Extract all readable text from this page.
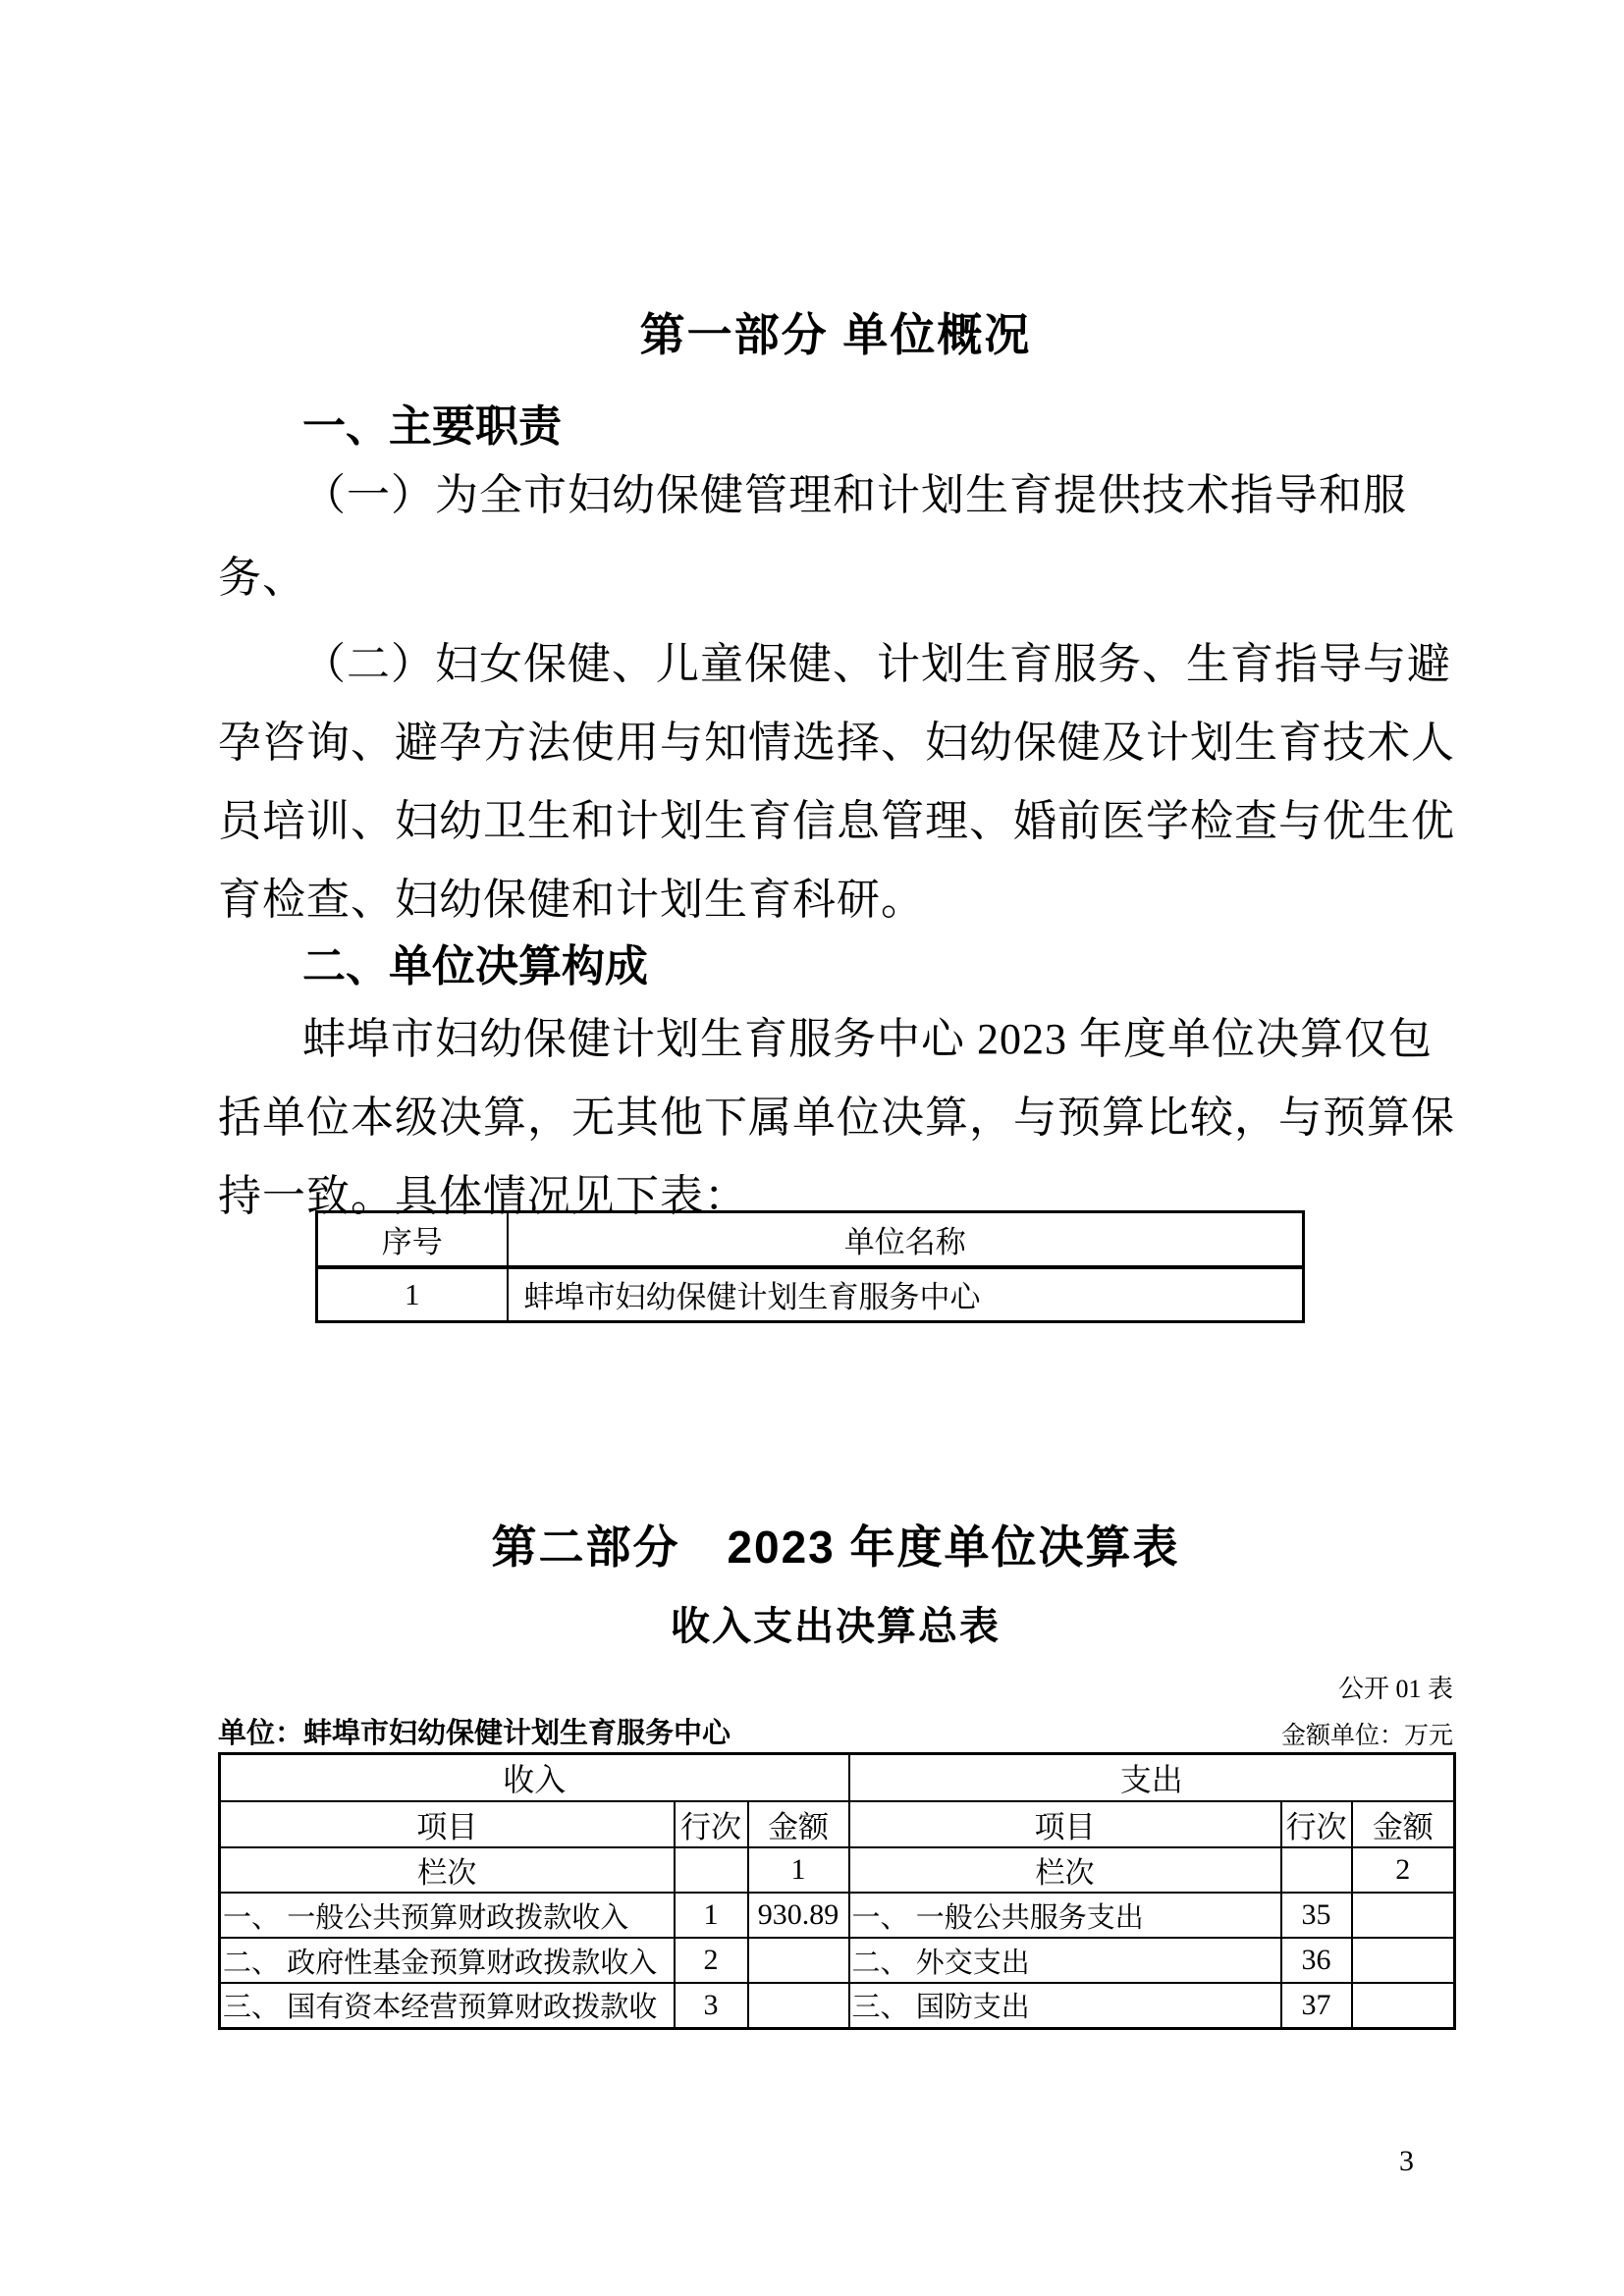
第一部分 单位概况
一、主要职责
（一）为全市妇幼保健管理和计划生育提供技术指导和服
务、
（二）妇女保健、儿童保健、计划生育服务、生育指导与避
孕咨询、避孕方法使用与知情选择、妇幼保健及计划生育技术人
员培训、妇幼卫生和计划生育信息管理、婚前医学检查与优生优
育检查、妇幼保健和计划生育科研。
二、单位决算构成
蚌埠市妇幼保健计划生育服务中心 2023 年度单位决算仅包
括单位本级决算，无其他下属单位决算，与预算比较，与预算保
持一致。具体情况见下表：
序号	单位名称
1	蚌埠市妇幼保健计划生育服务中心
第二部分　2023 年度单位决算表
收入支出决算总表
公开 01 表
单位：蚌埠市妇幼保健计划生育服务中心	金额单位：万元
收入			支出		
项目	行次	金额	项目	行次	金额
栏次		1	栏次		2
一、 一般公共预算财政拨款收入	1	930.89	一、 一般公共服务支出	35	
二、 政府性基金预算财政拨款收入	2		二、 外交支出	36	
三、 国有资本经营预算财政拨款收	3		三、 国防支出	37	
3
